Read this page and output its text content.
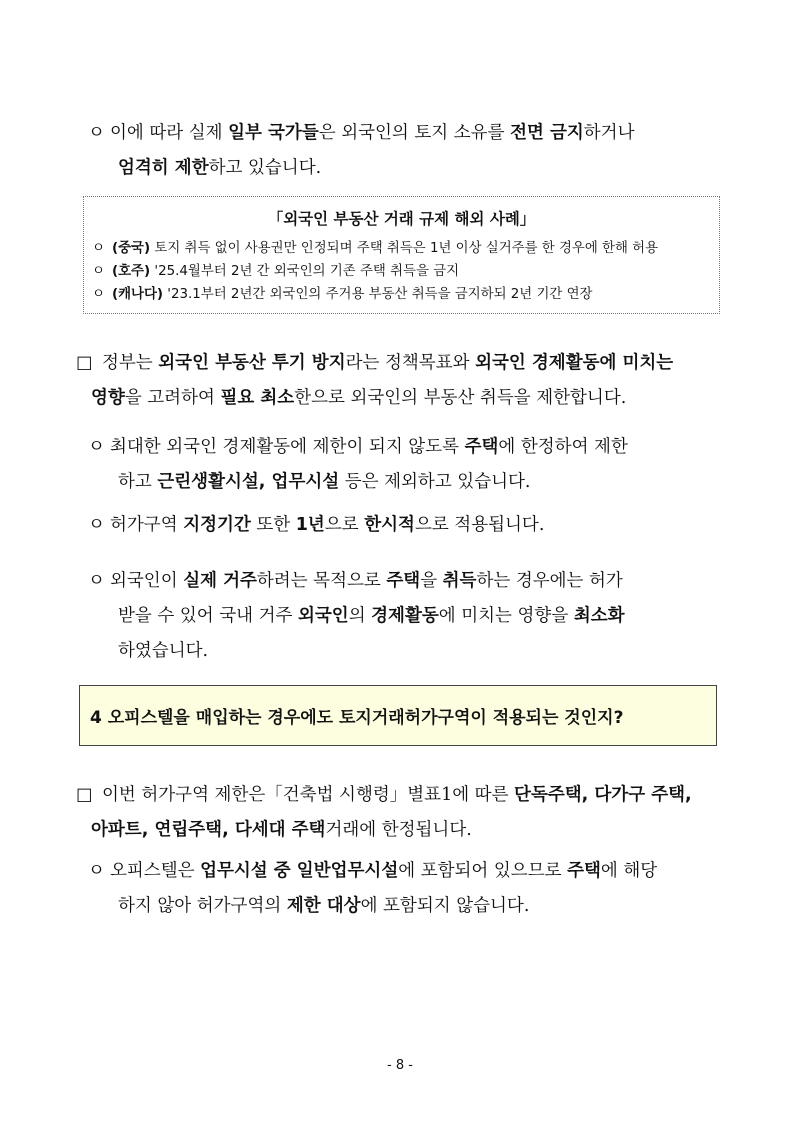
ㅇ 이에 따라 실제 일부 국가들은 외국인의 토지 소유를 전면 금지하거나
엄격히 제한하고 있습니다.
「외국인 부동산 거래 규제 해외 사례」
ㅇ (중국) 토지 취득 없이 사용권만 인정되며 주택 취득은 1년 이상 실거주를 한 경우에 한해 허용
ㅇ (호주) '25.4월부터 2년 간 외국인의 기존 주택 취득을 금지
ㅇ (캐나다) '23.1부터 2년간 외국인의 주거용 부동산 취득을 금지하되 2년 기간 연장
□ 정부는 외국인 부동산 투기 방지라는 정책목표와 외국인 경제활동에 미치는
영향을 고려하여 필요 최소한으로 외국인의 부동산 취득을 제한합니다.
ㅇ 최대한 외국인 경제활동에 제한이 되지 않도록 주택에 한정하여 제한
하고 근린생활시설, 업무시설 등은 제외하고 있습니다.
ㅇ 허가구역 지정기간 또한 1년으로 한시적으로 적용됩니다.
ㅇ 외국인이 실제 거주하려는 목적으로 주택을 취득하는 경우에는 허가
받을 수 있어 국내 거주 외국인의 경제활동에 미치는 영향을 최소화
하였습니다.
4 오피스텔을 매입하는 경우에도 토지거래허가구역이 적용되는 것인지?
□ 이번 허가구역 제한은「건축법 시행령」별표1에 따른 단독주택, 다가구 주택,
아파트, 연립주택, 다세대 주택거래에 한정됩니다.
ㅇ 오피스텔은 업무시설 중 일반업무시설에 포함되어 있으므로 주택에 해당
하지 않아 허가구역의 제한 대상에 포함되지 않습니다.
- 8 -
